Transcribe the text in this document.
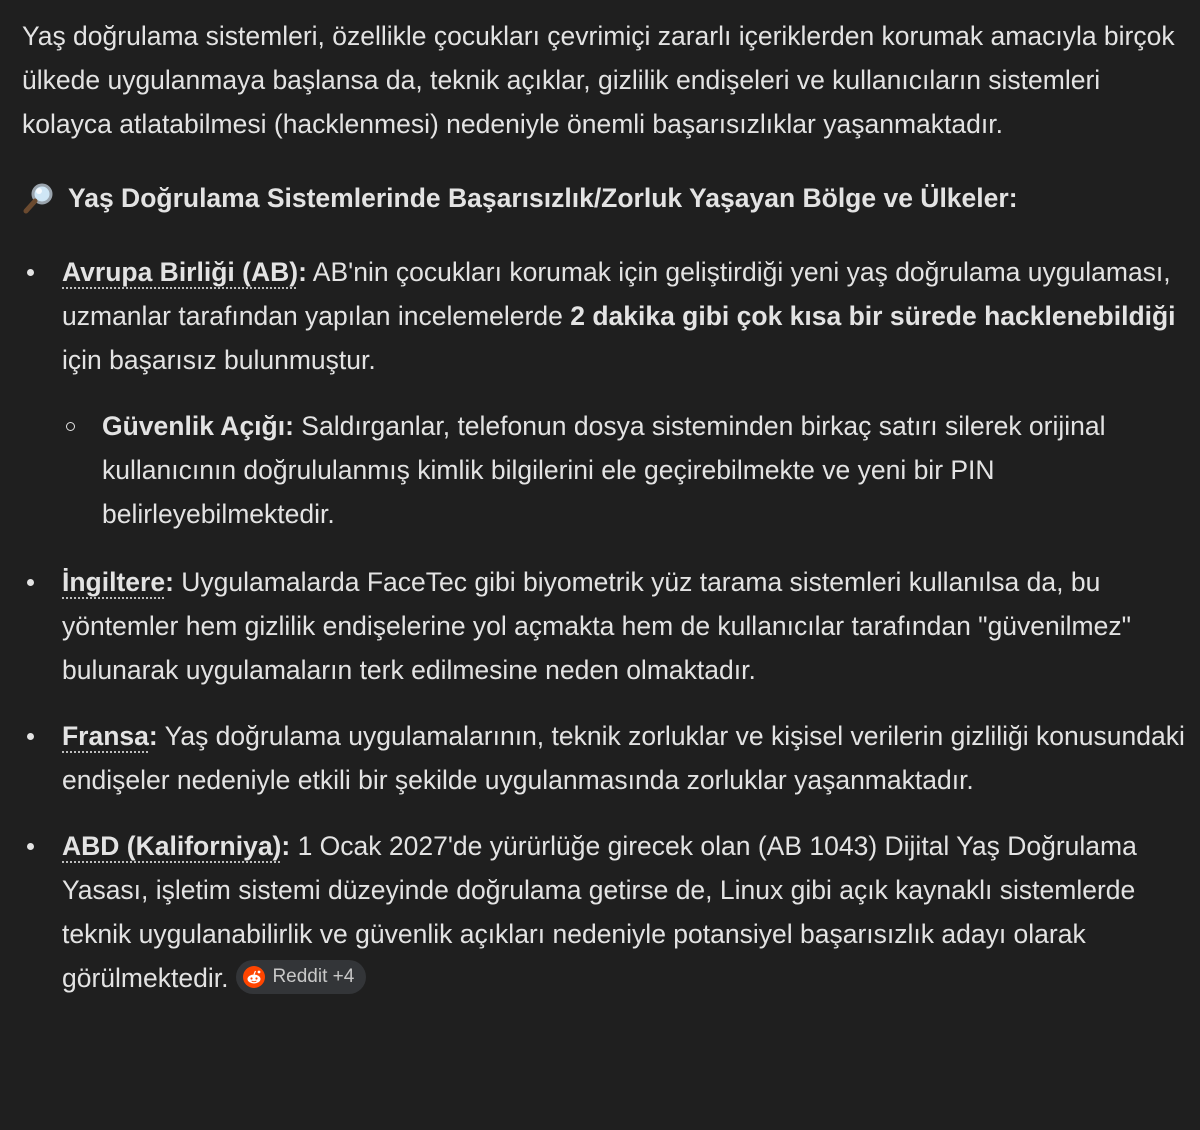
Yaş doğrulama sistemleri, özellikle çocukları çevrimiçi zararlı içeriklerden korumak amacıyla birçok ülkede uygulanmaya başlansa da, teknik açıklar, gizlilik endişeleri ve kullanıcıların sistemleri kolayca atlatabilmesi (hacklenmesi) nedeniyle önemli başarısızlıklar yaşanmaktadır.

Yaş Doğrulama Sistemlerinde Başarısızlık/Zorluk Yaşayan Bölge ve Ülkeler:
Avrupa Birliği (AB): AB'nin çocukları korumak için geliştirdiği yeni yaş doğrulama uygulaması, uzmanlar tarafından yapılan incelemelerde 2 dakika gibi çok kısa bir sürede hacklenebildiği için başarısız bulunmuştur.
Güvenlik Açığı: Saldırganlar, telefonun dosya sisteminden birkaç satırı silerek orijinal kullanıcının doğrululanmış kimlik bilgilerini ele geçirebilmekte ve yeni bir PIN belirleyebilmektedir.
İngiltere: Uygulamalarda FaceTec gibi biyometrik yüz tarama sistemleri kullanılsa da, bu yöntemler hem gizlilik endişelerine yol açmakta hem de kullanıcılar tarafından "güvenilmez" bulunarak uygulamaların terk edilmesine neden olmaktadır.
Fransa: Yaş doğrulama uygulamalarının, teknik zorluklar ve kişisel verilerin gizliliği konusundaki endişeler nedeniyle etkili bir şekilde uygulanmasında zorluklar yaşanmaktadır.
ABD (Kaliforniya): 1 Ocak 2027'de yürürlüğe girecek olan (AB 1043) Dijital Yaş Doğrulama Yasası, işletim sistemi düzeyinde doğrulama getirse de, Linux gibi açık kaynaklı sistemlerde teknik uygulanabilirlik ve güvenlik açıkları nedeniyle potansiyel başarısızlık adayı olarak görülmektedir. Reddit +4
